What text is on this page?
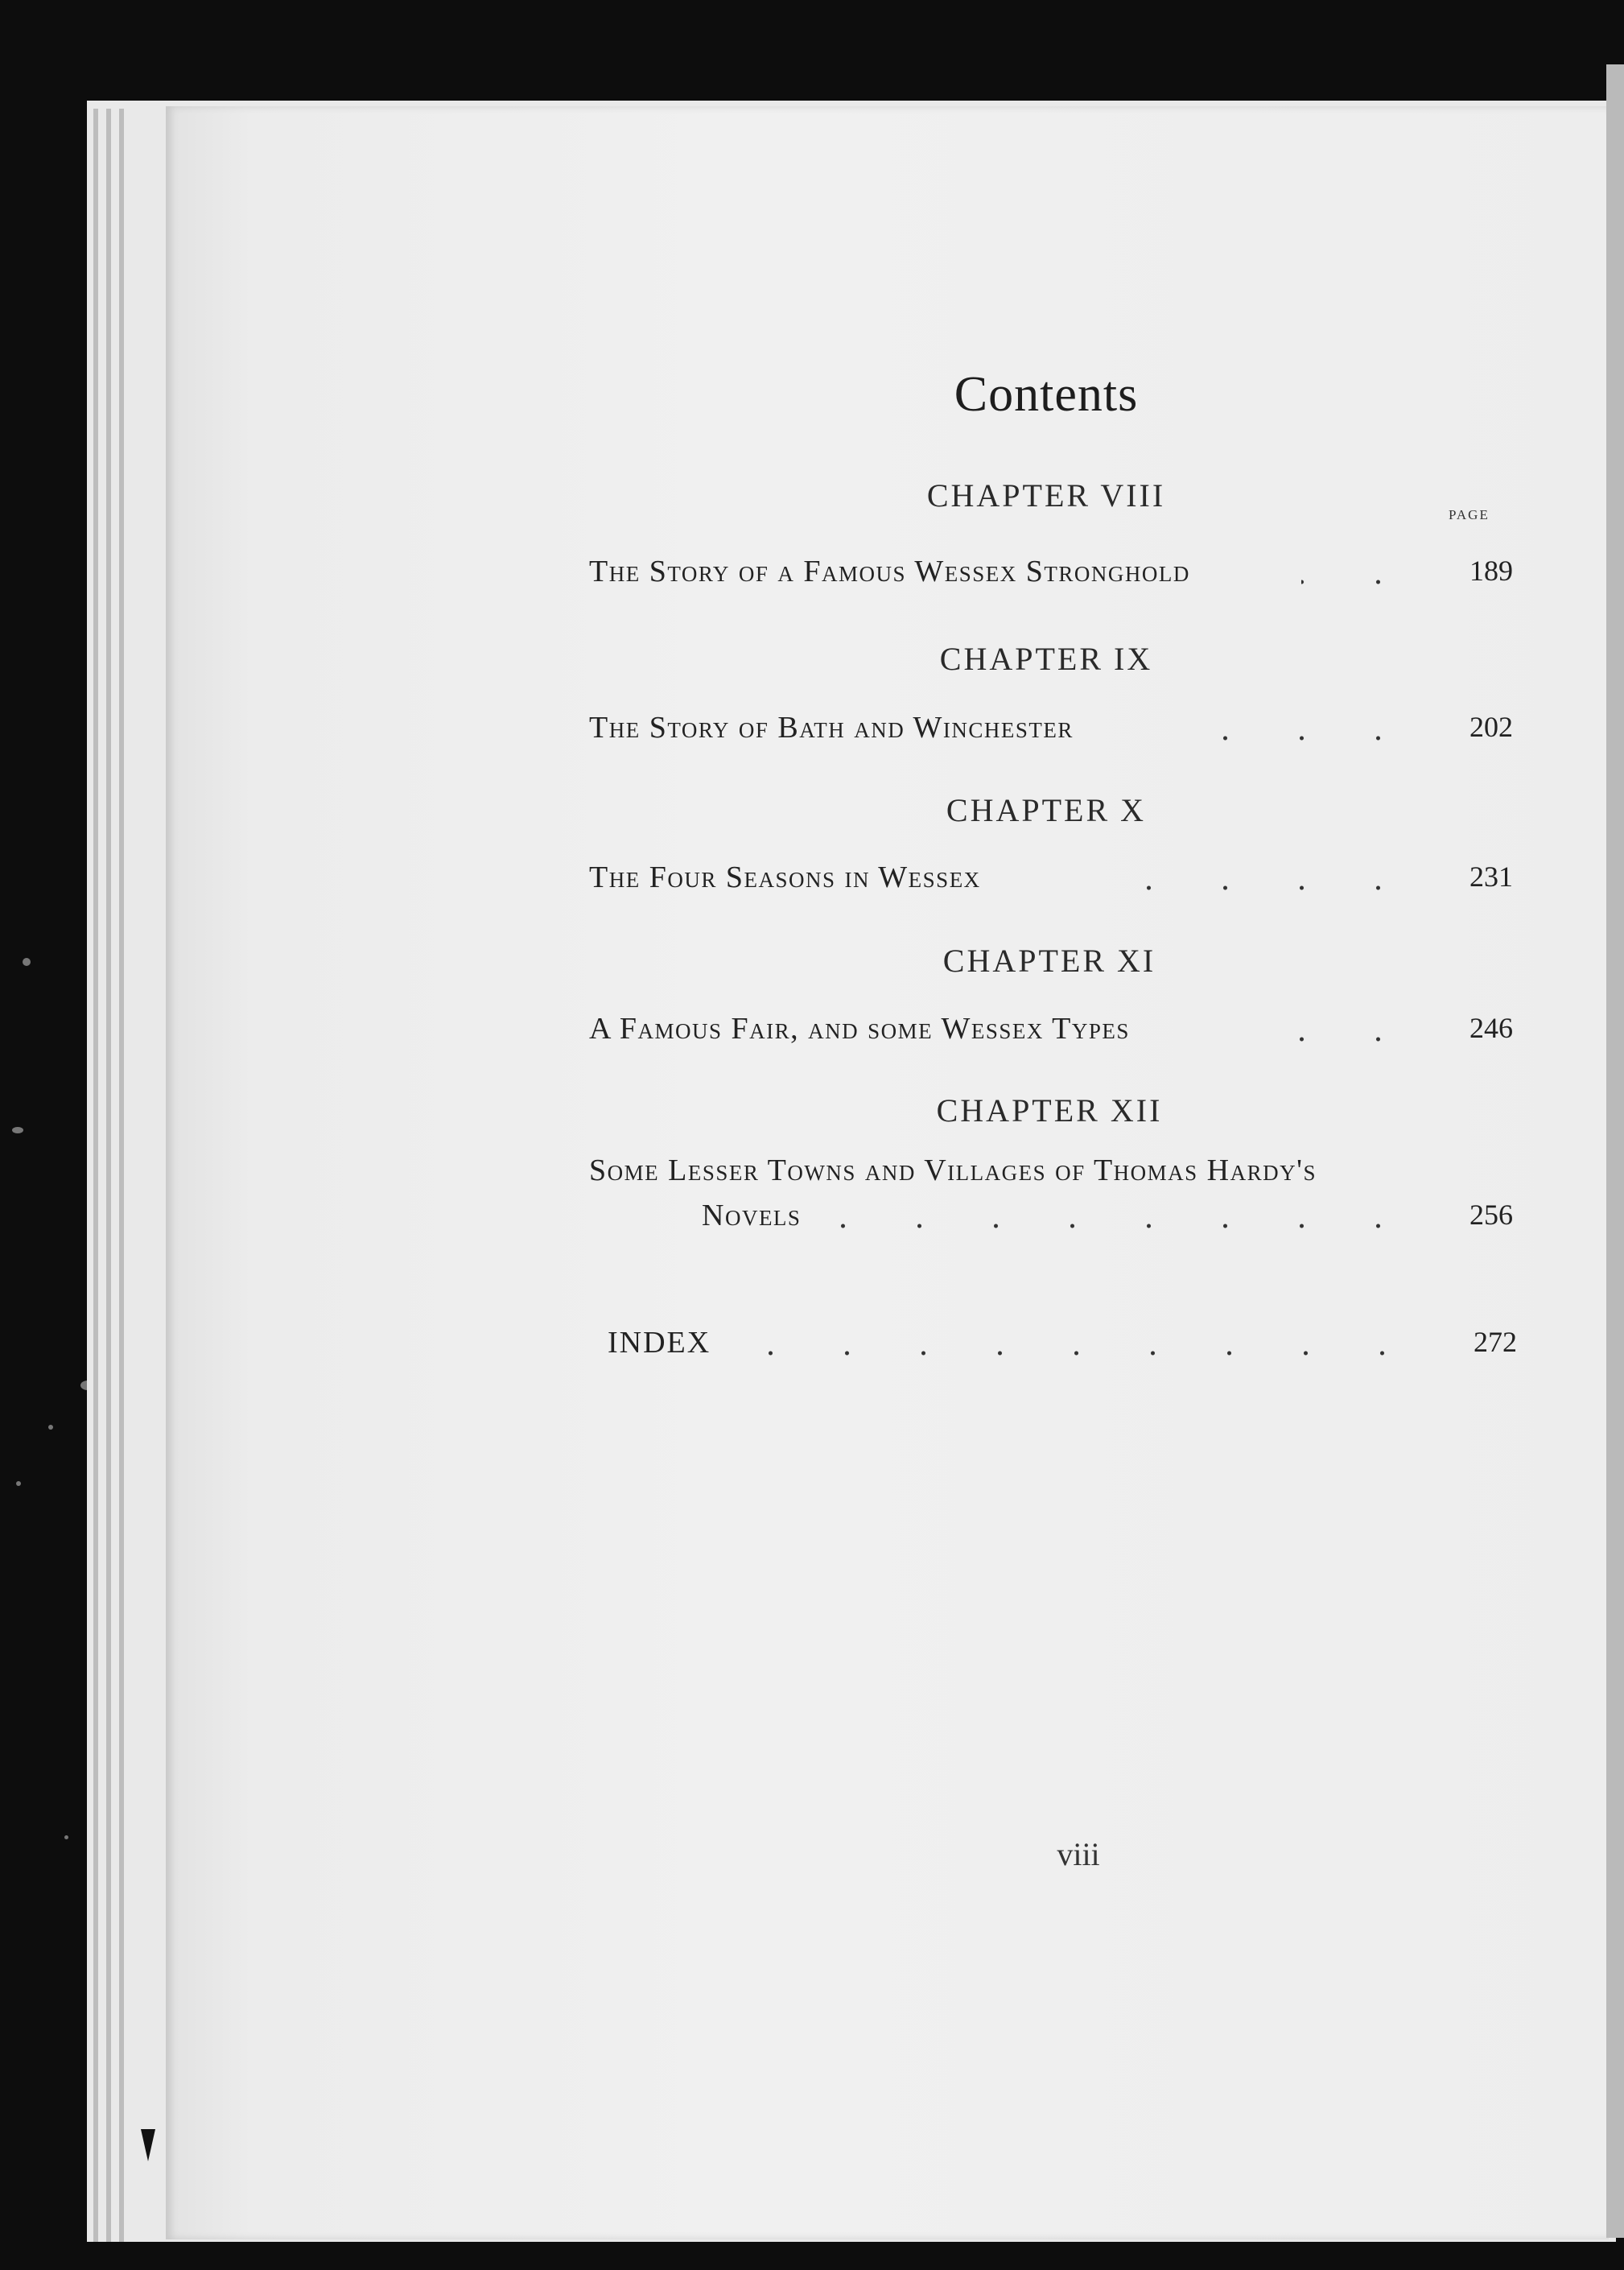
Contents
PAGE
CHAPTER VIII
The Story of a Famous Wessex Stronghold	189
CHAPTER IX
The Story of Bath and Winchester	202
CHAPTER X
The Four Seasons in Wessex	231
CHAPTER XI
A Famous Fair, and some Wessex Types	246
CHAPTER XII
Some Lesser Towns and Villages of Thomas Hardy's
Novels	256
INDEX	272
viii
